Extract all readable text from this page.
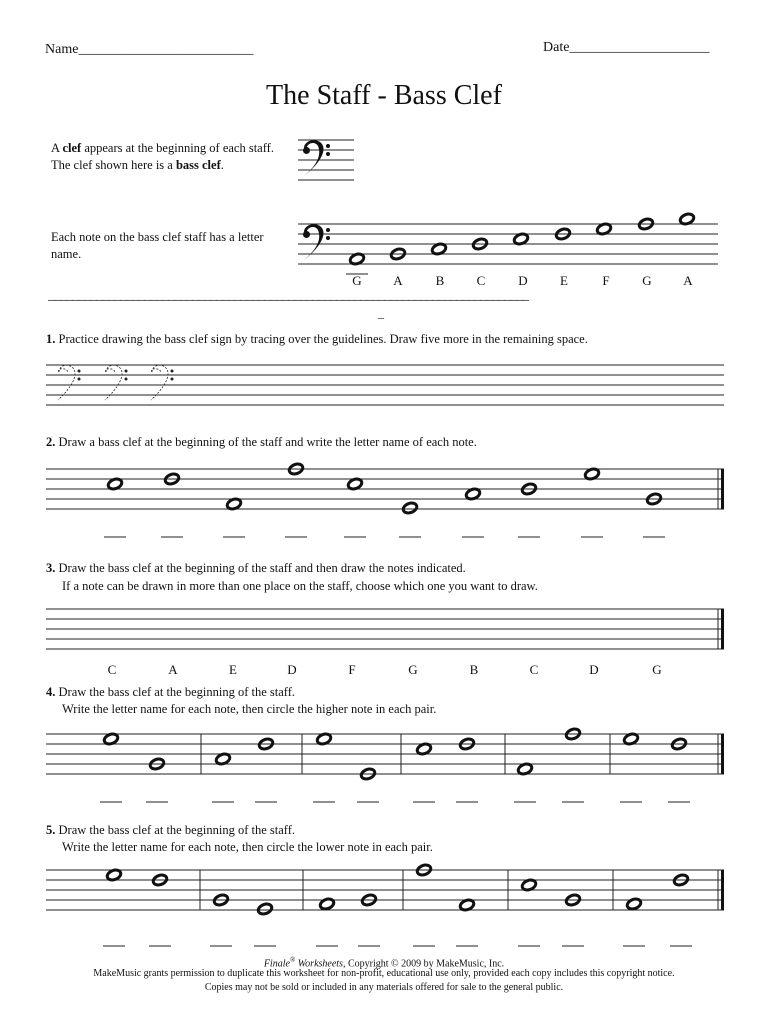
Name_________________________	Date____________________
The Staff - Bass Clef
A clef appears at the beginning of each staff. The clef shown here is a bass clef.
Each note on the bass clef staff has a letter name.
G A	B C	D E	F	G A
________________________________________________________________________________
_
1. Practice drawing the bass clef sign by tracing over the guidelines. Draw five more in the remaining space.
2. Draw a bass clef at the beginning of the staff and write the letter name of each note.
3. Draw the bass clef at the beginning of the staff and then draw the notes indicated.
If a note can be drawn in more than one place on the staff, choose which one you want to draw.
C	A	E	D	F	G	B	C	D	G
4. Draw the bass clef at the beginning of the staff.
Write the letter name for each note, then circle the higher note in each pair.
5. Draw the bass clef at the beginning of the staff.
Write the letter name for each note, then circle the lower note in each pair.
Finale® Worksheets, Copyright © 2009 by MakeMusic, Inc.
MakeMusic grants permission to duplicate this worksheet for non-profit, educational use only, provided each copy includes this copyright notice.
Copies may not be sold or included in any materials offered for sale to the general public.
